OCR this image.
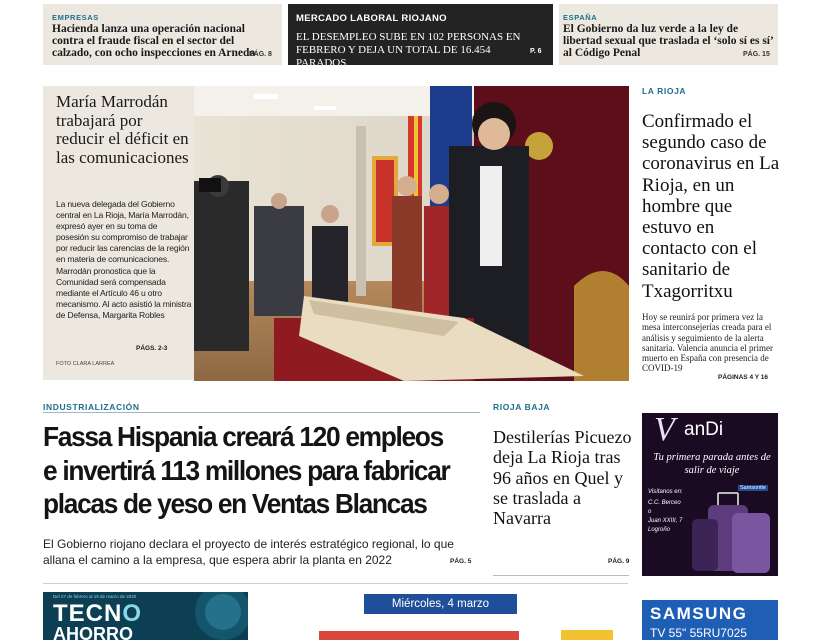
EMPRESAS
Hacienda lanza una operación nacional contra el fraude fiscal en el sector del calzado, con ocho inspecciones en Arnedo
PÁG. 8
MERCADO LABORAL RIOJANO
EL DESEMPLEO SUBE EN 102 PERSONAS EN FEBRERO Y DEJA UN TOTAL DE 16.454 PARADOS
P. 6
ESPAÑA
El Gobierno da luz verde a la ley de libertad sexual que traslada el ‘solo sí es sí’ al Código Penal	PÁG. 15
María Marrodán trabajará por reducir el déficit en las comunicaciones
La nueva delegada del Gobierno central en La Rioja, María Marrodán, expresó ayer en su toma de posesión su compromiso de trabajar por reducir las carencias de la región en materia de comunicaciones. Marrodán pronostica que la Comunidad será compensada mediante el Artículo 46 u otro mecanismo. Al acto asistió la ministra de Defensa, Margarita Robles
PÁGS. 2-3
FOTO CLARA LARREA
LA RIOJA
Confirmado el segundo caso de coronavirus en La Rioja, en un hombre que estuvo en contacto con el sanitario de Txagorritxu
Hoy se reunirá por primera vez la mesa interconsejerías creada para el análisis y seguimiento de la alerta sanitaria. Valencia anuncia el primer muerto en España con presencia de COVID-19
PÁGINAS 4 Y 16
INDUSTRIALIZACIÓN
Fassa Hispania creará 120 empleos e invertirá 113 millones para fabricar placas de yeso en Ventas Blancas
El Gobierno riojano declara el proyecto de interés estratégico regional, lo que allana el camino a la empresa, que espera abrir la planta en 2022	PÁG. 5
RIOJA BAJA
Destilerías Picuezo deja La Rioja tras 96 años en Quel y se traslada a Navarra
PÁG. 9
V anDi
Tu primera parada antes de salir de viaje
Visítanos en:
C.C. Berceo
o
Juan XXIII, 7
Logroño
Samsonite
Del 27 de febrero al 19 de marzo de 2020
TECNO
AHORRO
Miércoles, 4 marzo	SAMSUNG
TV 55" 55RU7025
